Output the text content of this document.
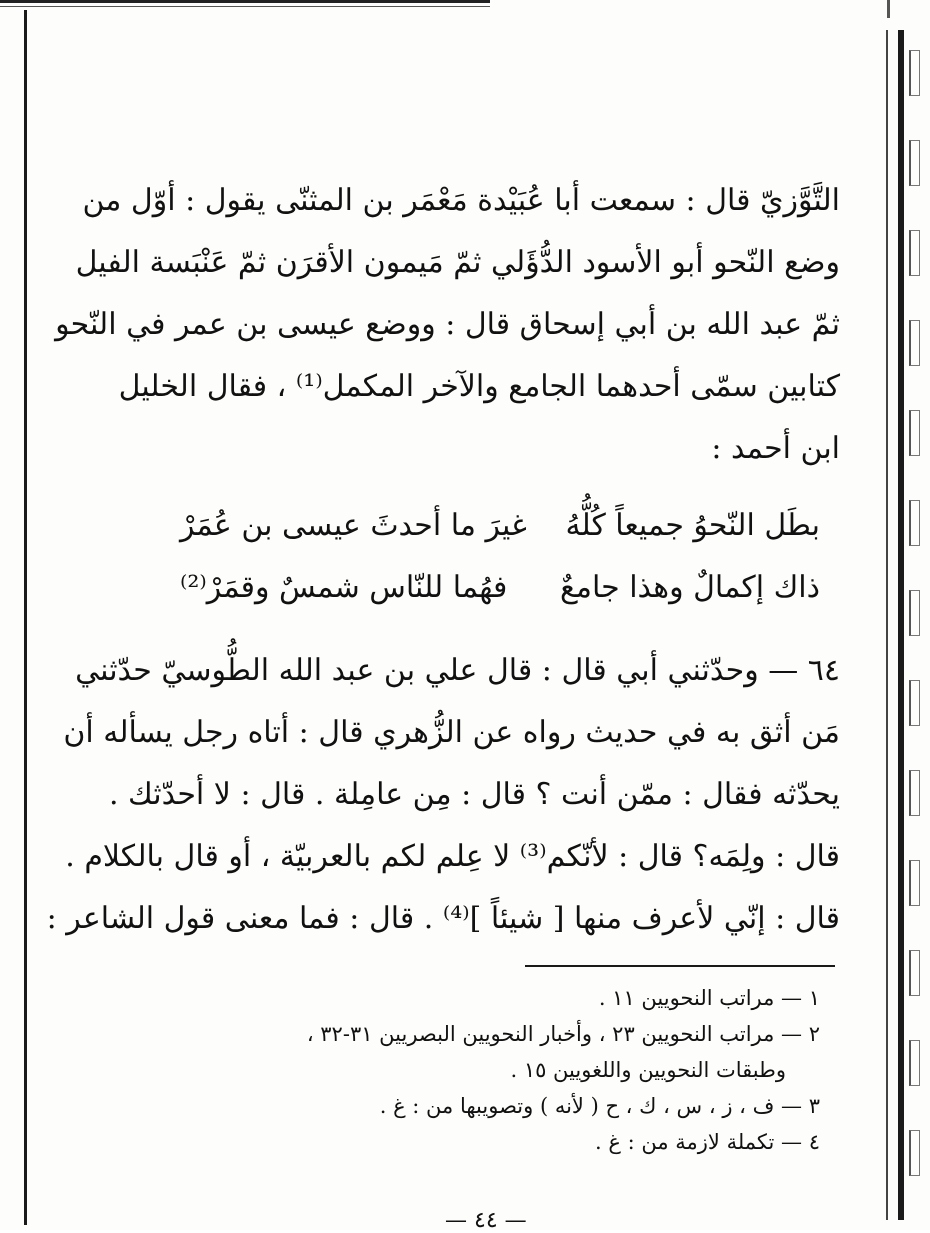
التَّوَّزيّ قال : سمعت أبا عُبَيْدة مَعْمَر بن المثنّى يقول : أوّل من
وضع النّحو أبو الأسود الدُّؤَلي ثمّ مَيمون الأقرَن ثمّ عَنْبَسة الفيل
ثمّ عبد الله بن أبي إسحاق قال : ووضع عيسى بن عمر في النّحو
كتابين سمّى أحدهما الجامع والآخر المكمل⁽¹⁾ ، فقال الخليل
ابن أحمد :
بطَل النّحوُ جميعاً كُلُّهُ
غيرَ ما أحدثَ عيسى بن عُمَرْ
ذاك إكمالٌ وهذا جامعٌ
فهُما للنّاس شمسٌ وقمَرْ⁽²⁾
٦٤ — وحدّثني أبي قال : قال علي بن عبد الله الطُّوسيّ حدّثني
مَن أثق به في حديث رواه عن الزُّهري قال : أتاه رجل يسأله أن
يحدّثه فقال : ممّن أنت ؟ قال : مِن عامِلة . قال : لا أحدّثك .
قال : ولِمَه؟ قال : لأنّكم⁽³⁾ لا عِلم لكم بالعربيّة ، أو قال بالكلام .
قال : إنّي لأعرف منها [ شيئاً ]⁽⁴⁾ . قال : فما معنى قول الشاعر :
١ — مراتب النحويين ١١ .
٢ — مراتب النحويين ٢٣ ، وأخبار النحويين البصريين ٣١-٣٢ ،
وطبقات النحويين واللغويين ١٥ .
٣ — ف ، ز ، س ، ك ، ح ( لأنه ) وتصويبها من : غ .
٤ — تكملة لازمة من : غ .
— ٤٤ —
